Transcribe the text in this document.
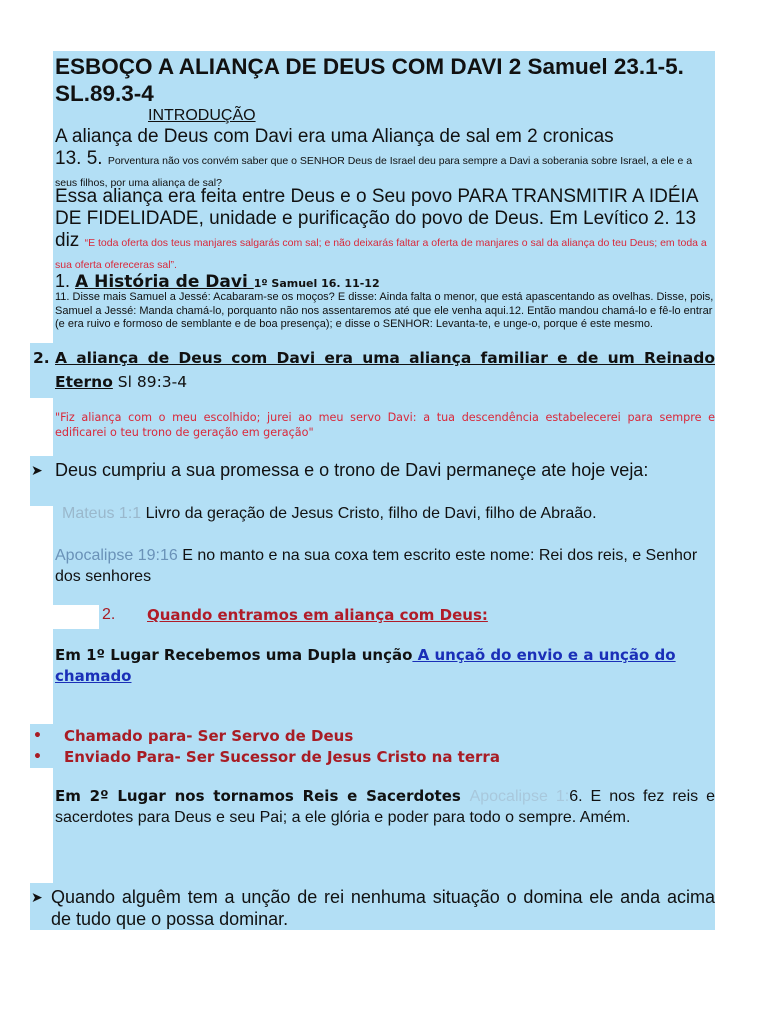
ESBOÇO A ALIANÇA DE DEUS COM DAVI 2 Samuel 23.1-5. SL.89.3-4
INTRODUÇÃO
A aliança de Deus com Davi era uma Aliança de sal em 2 cronicas
13. 5. Porventura não vos convém saber que o SENHOR Deus de Israel deu para sempre a Davi a soberania sobre Israel, a ele e a seus filhos, por uma aliança de sal?
Essa aliança era feita entre Deus e o Seu povo PARA TRANSMITIR A IDÉIA DE FIDELIDADE, unidade e purificação do povo de Deus. Em Levítico 2. 13 diz “E toda oferta dos teus manjares salgarás com sal; e não deixarás faltar a oferta de manjares o sal da aliança do teu Deus; em toda a sua oferta ofereceras sal”.
1. A História de Davi 1º Samuel 16. 11-12
11. Disse mais Samuel a Jessé: Acabaram-se os moços? E disse: Ainda falta o menor, que está apascentando as ovelhas. Disse, pois, Samuel a Jessé: Manda chamá-lo, porquanto não nos assentaremos até que ele venha aqui.12. Então mandou chamá-lo e fê-lo entrar (e era ruivo e formoso de semblante e de boa presença); e disse o SENHOR: Levanta-te, e unge-o, porque é este mesmo.
2. A aliança de Deus com Davi era uma aliança familiar e de um Reinado Eterno Sl 89:3-4
"Fiz aliança com o meu escolhido; jurei ao meu servo Davi: a tua descendência estabelecerei para sempre e edificarei o teu trono de geração em geração"
➤ Deus cumpriu a sua promessa e o trono de Davi permaneçe ate hoje veja:
Mateus 1:1 Livro da geração de Jesus Cristo, filho de Davi, filho de Abraão.
Apocalipse 19:16 E no manto e na sua coxa tem escrito este nome: Rei dos reis, e Senhor dos senhores
2. Quando entramos em aliança com Deus:
Em 1º Lugar Recebemos uma Dupla unção A unçaõ do envio e a unção do chamado
• Chamado para- Ser Servo de Deus
• Enviado Para- Ser Sucessor de Jesus Cristo na terra
Em 2º Lugar nos tornamos Reis e Sacerdotes Apocalipse 1:6. E nos fez reis e sacerdotes para Deus e seu Pai; a ele glória e poder para todo o sempre. Amém.
➤ Quando alguêm tem a unção de rei nenhuma situação o domina ele anda acima de tudo que o possa dominar.
